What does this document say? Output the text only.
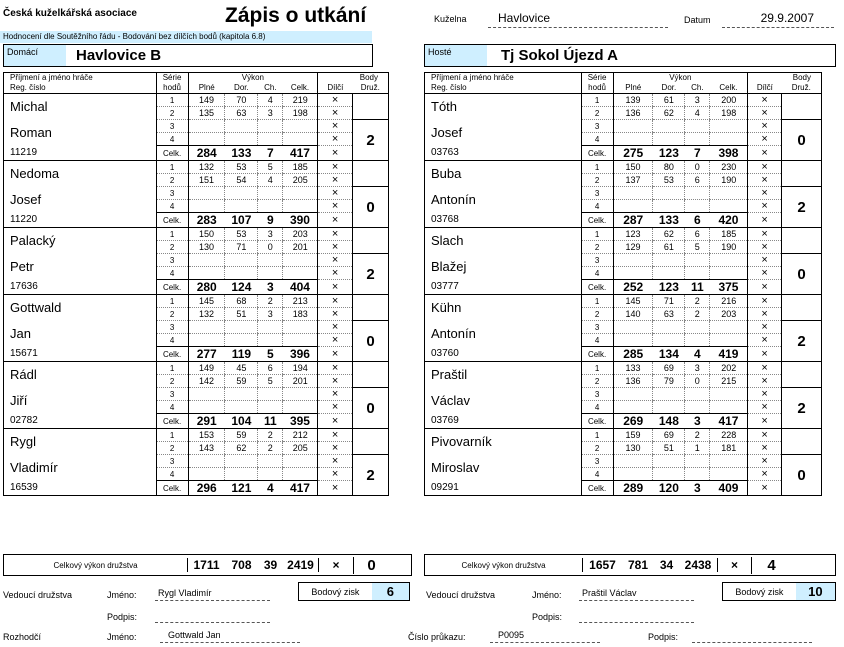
Česká kuželkářská asociace	Zápis o utkání	Kuželna	Havlovice	Datum	29.9.2007
Hodnocení dle Soutěžního řádu - Bodování bez dílčích bodů (kapitola 6.8)
Domácí	Havlovice B	Hosté	Tj Sokol Újezd A
Příjmení a jméno hráče	Série	Výkon				Body	
Reg. číslo	hodů	Plné	Dor.	Ch.	Celk.	Dílčí	Druž.
Michal	1	149	70	4	219	×	
	2	135	63	3	198	×	
Roman	3					×	2
	4					×	
11219	Celk.	284	133	7	417	×	
Nedoma	1	132	53	5	185	×	
	2	151	54	4	205	×	
Josef	3					×	0
	4					×	
11220	Celk.	283	107	9	390	×	
Palacký	1	150	53	3	203	×	
	2	130	71	0	201	×	
Petr	3					×	2
	4					×	
17636	Celk.	280	124	3	404	×	
Gottwald	1	145	68	2	213	×	
	2	132	51	3	183	×	
Jan	3					×	0
	4					×	
15671	Celk.	277	119	5	396	×	
Rádl	1	149	45	6	194	×	
	2	142	59	5	201	×	
Jiří	3					×	0
	4					×	
02782	Celk.	291	104	11	395	×	
Rygl	1	153	59	2	212	×	
	2	143	62	2	205	×	
Vladimír	3					×	2
	4					×	
16539	Celk.	296	121	4	417	×	
Příjmení a jméno hráče	Série	Výkon				Body	
Reg. číslo	hodů	Plné	Dor.	Ch.	Celk.	Dílčí	Druž.
Tóth	1	139	61	3	200	×	
	2	136	62	4	198	×	
Josef	3					×	0
	4					×	
03763	Celk.	275	123	7	398	×	
Buba	1	150	80	0	230	×	
	2	137	53	6	190	×	
Antonín	3					×	2
	4					×	
03768	Celk.	287	133	6	420	×	
Slach	1	123	62	6	185	×	
	2	129	61	5	190	×	
Blažej	3					×	0
	4					×	
03777	Celk.	252	123	11	375	×	
Kühn	1	145	71	2	216	×	
	2	140	63	2	203	×	
Antonín	3					×	2
	4					×	
03760	Celk.	285	134	4	419	×	
Praštil	1	133	69	3	202	×	
	2	136	79	0	215	×	
Václav	3					×	2
	4					×	
03769	Celk.	269	148	3	417	×	
Pivovarník	1	159	69	2	228	×	
	2	130	51	1	181	×	
Miroslav	3					×	0
	4					×	
09291	Celk.	289	120	3	409	×	
Celkový výkon družstva	1711 708	39 2419	×	0	Celkový výkon družstva	1657	781 34 2438	×	4
Bodový zisk	6	Bodový zisk	10
Vedoucí družstva	Jméno:	Rygl Vladimír
Podpis:
Vedoucí družstva	Jméno:	Praštil Václav
Podpis:
Rozhodčí	Jméno:	Gottwald Jan	Číslo průkazu:	P0095	Podpis:
